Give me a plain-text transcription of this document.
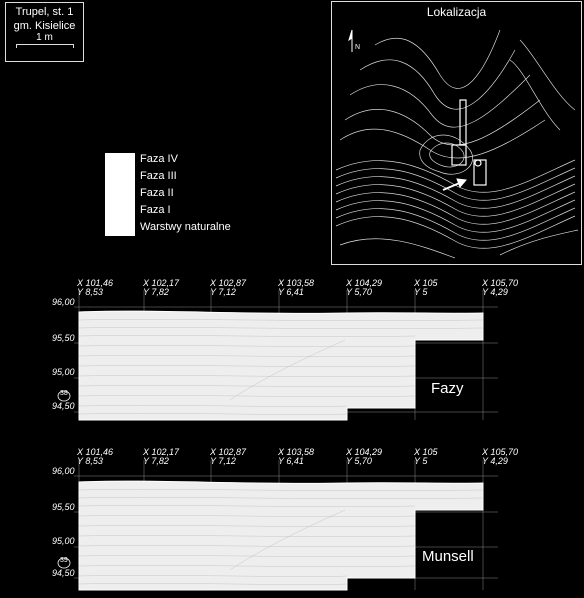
Trupel, st. 1
gm. Kisielice
1 m
Lokalizacja
N
Faza IV
Faza III
Faza II
Faza I
Warstwy naturalne
X 101,46
Y 8,53
X 102,17
Y 7,82
X 102,87
Y 7,12
X 103,58
Y 6,41
X 104,29
Y 5,70
X 105
Y 5
X 105,70
Y 4,29
X 101,46
Y 8,53
X 102,17
Y 7,82
X 102,87
Y 7,12
X 103,58
Y 6,41
X 104,29
Y 5,70
X 105
Y 5
X 105,70
Y 4,29
96,00
95,50
95,00
94,50
38
96,00
95,50
95,00
94,50
39
Fazy
Munsell
